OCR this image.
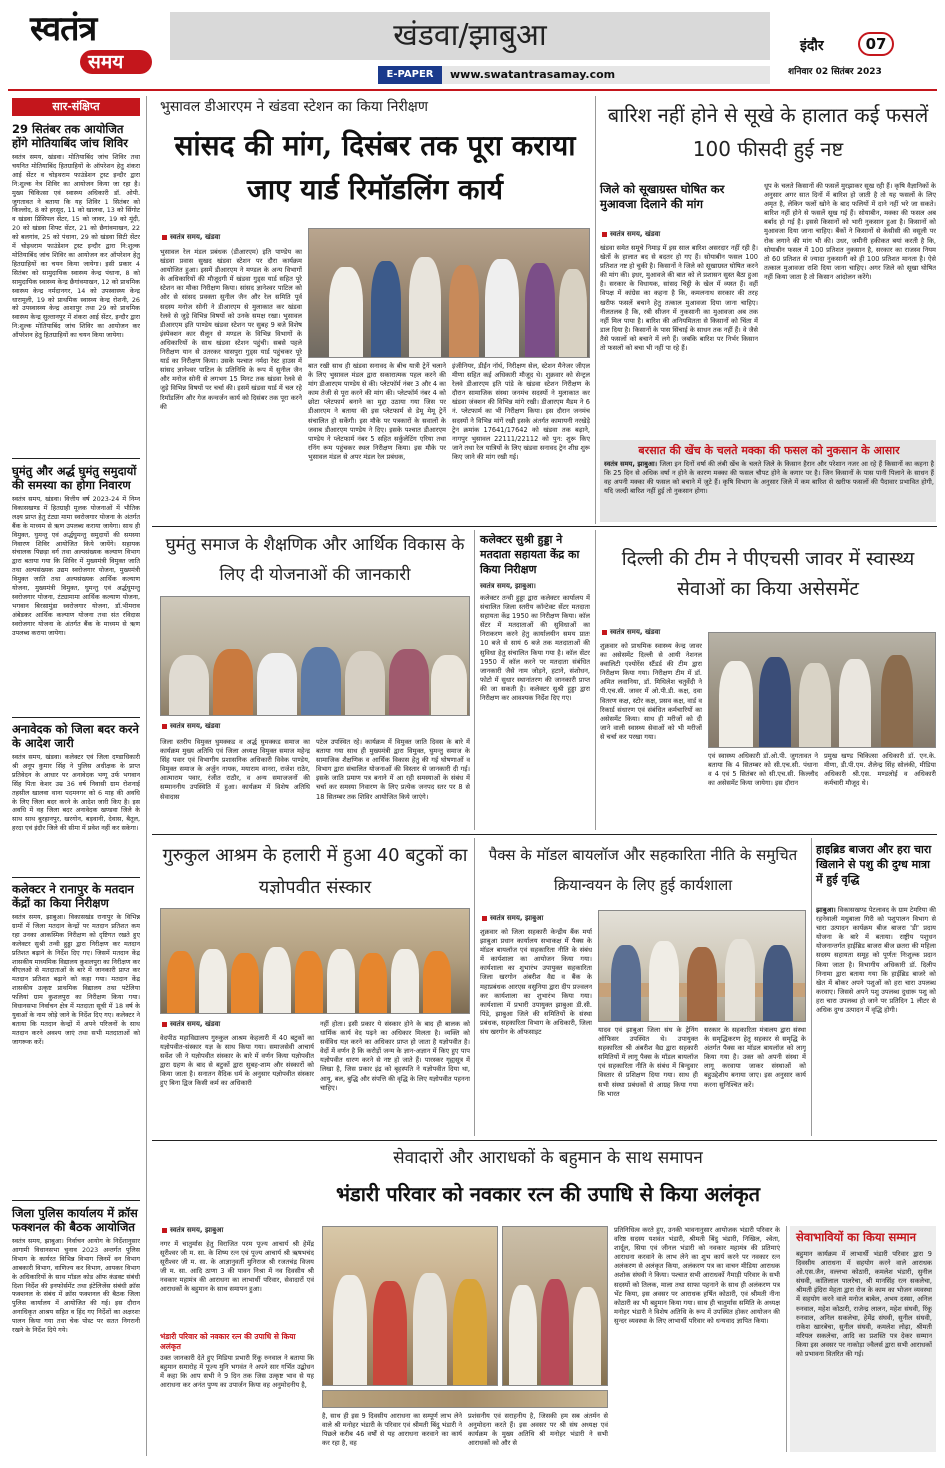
स्वतंत्र
समय
खंडवा/झाबुआ
E-PAPER	www.swatantrasamay.com
इंदौर	07
शनिवार 02 सितंबर 2023
सार-संक्षिप्त
29 सितंबर तक आयोजित होंगे मोतियाबिंद जांच शिविर
स्वतंत्र समय, खंडवा। मोतियाबिंद जांच शिविर तथा चयनित मोतियाबिंद हितग्राहियों के ऑपरेशन हेतु शंकरा आई सेंटर व चोइथराम फाउंडेशन ट्रस्ट इन्दौर द्वारा नि:शुल्क नेत्र शिविर का आयोजन किया जा रहा है। मुख्य चिकित्सा एवं स्वास्थ्य अधिकारी डॉ. ओपी. जुगतावत ने बताया कि यह शिविर 1 सितंबर को किल्लोद, 8 को हरसूद, 11 को खालवा, 13 को सिंगोट व खंडवा प्रिंसिपल सेंटर, 15 को जावर, 19 को मूंदी, 20 को खंडवा शिफ्ट सेंटर, 21 को छैगांवमाखन, 22 को बलगांव, 25 को पंधाना, 29 को खंडवा सिटी सेंटर में चोइथराम फाउंडेशन ट्रस्ट इन्दौर द्वारा नि:शुल्क मोतियाबिंद जांच शिविर का आयोजन कर ऑपरेशन हेतु हितग्राहियों का चयन किया जायेगा। इसी प्रकार 4 सितंबर को सामुदायिक स्वास्थ्य केन्द्र पंधाना, 8 को सामुदायिक स्वास्थ्य केन्द्र छैगांवमाखन, 12 को प्राथमिक स्वास्थ्य केन्द्र नर्मदानगर, 14 को उपस्वास्थ्य केन्द्र धारामूली, 19 को प्राथमिक स्वास्थ्य केन्द्र रोशनी, 26 को उपस्वास्थ्य केन्द्र आशापुर तथा 29 को प्राथमिक स्वास्थ्य केन्द्र सुल्तानपुर में शंकरा आई सेंटर, इन्दौर द्वारा नि:शुल्क मोतियाबिंद जांच शिविर का आयोजन कर ऑपरेशन हेतु हितग्राहियों का चयन किया जायेगा।
घुमंतु और अर्द्ध घुमंतु समुदायों की समस्या का होगा निवारण
स्वतंत्र समय, खंडवा। वित्तीय वर्ष 2023-24 में निम्न विकासखण्ड में हितग्राही मूलक योजनाओं में भौतिक लक्ष्य प्राप्त हेतु टंट्या मामा स्वरोजगार योजना के अंतर्गत बैंक के माध्यम से ऋण उपलब्ध कराया जायेगा। साथ ही विमुक्त, घुमन्तु एवं अर्द्धघुमन्तु समुदायों की समस्या निवारण शिविर आयोजित किये जायेंगे। सहायक संचालक पिछड़ा वर्ग तथा अल्पसंख्यक कल्याण विभाग द्वारा बताया गया कि शिविर में मुख्यमंत्री विमुक्त जाति तथा अल्पसंख्यक उद्यम स्वरोजगार योजना, मुख्यमंत्री विमुक्त जाति तथा अल्पसंख्यक आर्थिक कल्याण योजना, मुख्यमंत्री विमुक्त, घुमन्तु एवं अर्द्धघुमन्तु स्वरोजगार योजना, टंट्यामामा आर्थिक कल्याण योजना, भगवान बिरसामुंडा स्वरोजगार योजना, डॉ.भीमराव अंबेडकर आर्थिक कल्याण योजना तथा संत रविदास स्वरोजगार योजना के अंतर्गत बैंक के माध्यम से ऋण उपलब्ध कराया जायेगा।
अनावेदक को जिला बदर करने के आदेश जारी
स्वतंत्र समय, खंडवा। कलेक्टर एवं जिला दण्डाधिकारी श्री अनूप कुमार सिंह ने पुलिस अधीक्षक के प्राप्त प्रतिवेदन के आधार पर अनावेदक भग्गू उर्फ भगवान सिंह पिता केशर उम्र 36 वर्ष निवासी ग्राम रोशनाई तहसील खालवा थाना पदमनगर को 6 माह की अवधि के लिए जिला बदर करने के आदेश जारी किए है। इस अवधि में वह जिला बदर अनावेदक खण्डवा जिले के साथ साथ बुरहानपुर, खरगोन, बड़वानी, देवास, बैतूल, हरदा एवं इंदौर जिले की सीमा में प्रवेश नहीं कर सकेगा।
कलेक्टर ने रानापुर के मतदान केंद्रों का किया निरीक्षण
स्वतंत्र समय, झाबुआ। विकासखंड रानापुर के विभिन्न ग्रामों में जिला मतदान केन्द्रों पर मतदान प्रतिशत कम रहा उनका आकस्मिक निरीक्षण को दृष्टिगत रखते हुए कलेक्टर सुश्री तन्वी हुड्डा द्वारा निरीक्षण कर मतदान प्रतिशत बढ़ाने के निर्देश दिए गए। जिसमें मतदान केंद्र शासकीय माध्यमिक विद्यालय कुशलपुरा का निरीक्षण कर बीएलओ से मतदाताओं के बारे में जानकारी प्राप्त कर मतदान प्रतिशत बढ़ाने को कहा गया। मतदान केंद्र शासकीय उत्कृष्ट प्राथमिक विद्यालय तथा पटेलिया फलियां ग्राम कुशलपुरा का निरीक्षण किया गया। विधानसभा निर्वाचन क्षेत्र में मतदाता सूची में 18 वर्ष के युवाओं के नाम जोड़े जाने के निर्देश दिए गए। कलेक्टर ने बताया कि मतदान केन्द्रों में अपने परिजनों के साथ मतदान करने अवश्य जाएं तथा सभी मतदाताओं को जागरूक करें।
जिला पुलिस कार्यालय में क्रॉस फक्शनल की बैठक आयोजित
स्वतंत्र समय, झाबुआ। निर्वाचन आयोग के निर्देशानुसार आगामी विधानसभा चुनाव 2023 अन्तर्गत पुलिस विभाग के कार्यरत विभिन्न विभाग जिनमें वन विभाग आबकारी विभाग, वाणिज्य कर विभाग, आयकर विभाग के अधिकारियों के साथ मॉडल कोड ऑफ कंडक्ट संबंधी दिशा निर्देश की इनफोर्समेंट तथा इंटेलिजेंस संबंधी क्रॉस फक्शनल के संबंध में क्रॉस फक्शनल की बैठक जिला पुलिस कार्यालय में आयोजित की गई। इस दौरान अनाधिकृत आश्रय सहित व हिंद गए निर्देशों का अक्षरशः पालन किया गया तथा चेक पोस्ट पर सतत निगरानी रखने के निर्देश दिये गये।
भुसावल डीआरएम ने खंडवा स्टेशन का किया निरीक्षण
सांसद की मांग, दिसंबर तक पूरा कराया जाए यार्ड रिमॉडलिंग कार्य
स्वतंत्र समय, खंडवा
भुसावल रेल मंडल प्रबंधक (डीआरएम) इति पाण्डेय का खंडवा प्रवास सुखद खंडवा स्टेशन पर दौरा कार्यक्रम आयोजित हुआ। इसमें डीआरएम ने मण्डल के अन्य विभागों के अधिकारियों की मौजूदगी में खंडवा गुड्स यार्ड सहित पूरे स्टेशन का मौका निरीक्षण किया। सांसद ज्ञानेश्वर पाटिल को ओर से सांसद प्रवक्ता सुनील जैन और रेल समिति पूर्व सदस्य मनोज सोनी ने डीआरएम से मुलाकात कर खंडवा रेलवे से जुड़े विभिन्न विषयों को उनके समक्ष रखा। भुसावल डीआरएम इति पाण्डेय खंडवा स्टेशन पर सुबह 9 बजे विशेष इंस्पेक्शन कार सैलून से मण्डल के विभिन्न विभागों के अधिकारियों के साथ खंडवा स्टेशन पहुंची। सबसे पहले निरीक्षण यान से उतरकर घासपुरा गुड्स यार्ड पहुंचकर पूरे यार्ड का निरीक्षण किया। उसके पश्चात नर्मदा रेस्ट हाउस में सांसद ज्ञानेश्वर पाटिल के प्रतिनिधि के रूप में सुनील जैन और मनोज सोनी से लगभग 15 मिनट तक खंडवा रेलवे से जुड़े विभिन्न विषयों पर चर्चा की। इसमें खंडवा यार्ड में चल रहे रिमॉडलिंग और गेज कन्वर्जन कार्य को दिसंबर तक पूरा करने की
बात रखी साथ ही खंडवा सनावद के बीच यात्री ट्रेनें चलाने के लिए भुसावल मंडल द्वारा सकारात्मक पहल करने की मांग डीआरएम पाण्डेय से की। प्लेटफॉर्म नंबर 3 और 4 का काम तेजी से पूरा करने की मांग की। प्लेटफॉर्म नंबर 4 को छोटा प्लेटफार्म बनाने का मुद्दा उठाया गया जिस पर डीआरएम ने बताया की इस प्लेटफार्म से डेमू मेमू ट्रेनें संचालित हो सकेंगी। इस मौके पर पत्रकारों के सवालों के जवाब डीआरएम पाण्डेय ने दिए। इसके पश्चात डीआरएम पाण्डेय ने प्लेटफार्म नंबर 5 सहित सर्कुलेटिंग एरिया तथा रनिंग रूम पहुंचकर स्थल निरीक्षण किया। इस मौके पर भुसावल मंडल से अपर मंडल रेल प्रबंधक,
इंजीनियर, डीईंन नॉर्थ, निरीक्षण सेल, स्टेशन मैनेजर जीएल मीणा सहित कई अधिकारी मौजूद थे। शुक्रवार को सेन्ट्रल रेलवे डीआरएम इति पांडे के खंडवा स्टेशन निरीक्षण के दौरान सामाजिक संस्था जनमंच सदस्यों ने मुलाकात कर खंडवा जंक्शन की विभिन्न मांगे रखी। डीआरएम मैडम ने 6 नं. प्लेटफार्म का भी निरीक्षण किया। इस दौरान जनमंच सदस्यों ने विभिन्न मांगें रखी इसके अंतर्गत कामायनी नरखेड़े ट्रेन क्रमांक 17641/17642 को खंडवा तक बढ़ाने, नागपुर भुसावल 22111/22112 को पुन: शुरू किए जाने तथा रेल यात्रियों के लिए खंडवा सनावद ट्रेन शीघ्र शुरू किए जाने की मांग रखी गई।
बारिश नहीं होने से सूखे के हालात कई फसलें 100 फीसदी हुई नष्ट
जिले को सूखाग्रस्त घोषित कर मुआवजा दिलाने की मांग
स्वतंत्र समय, खंडवा
खंडवा समेत समूचे निमाड़ में इस साल बारिश असरदार नहीं रही है। खेतों के हालात बद से बदतर हो गए हैं। सोयाबीन फसल 100 प्रतिशत नष्ट हो चुकी है। किसानों ने जिले को सूखाग्रस्त घोषित करने की मांग की। इधर, मुआवजे की बात को ले प्रशासन सुस्त बैठा हुआ है। सरकार के विधायक, सांसद चिट्ठी के खेल में व्यस्त हैं। वहीं विपक्ष में कांग्रेस का कहना है कि, कमलनाथ सरकार की तरह खरीफ फसलें बचाने हेतु तत्काल मुआवजा दिया जाना चाहिए। नीलतलब है कि, रबी सीजन में नुकसानी का मुआवजा अब तक नहीं मिल पाया है। बारिश की अनियमितता से किसानों को चिंता में डाल दिया है। किसानों के पास सिंचाई के साधन तक नहीं हैं। वे जैसे तैसे फसलों को बचाने में लगे हैं। जबकि बारिश पर निर्भर किसान तो फसलों को बचा भी नहीं पा रहे हैं।
धूप के चलते किसानों की फसलें मुरझाकर सूख रही हैं। कृषि वैज्ञानिकों के अनुसार अगर सात दिनों में बारिश हो जाती है तो यह फसलों के लिए अमृत है, लेकिन फलों खोने के बाद फलियों में दाने नहीं भरे जा सकते। बारिश नहीं होने से फसलें सूख गई हैं। सोयाबीन, मक्का की फसल अब बर्बाद हो गई है। इससे किसानों को भारी नुकसान हुआ है। किसानों को मुआवजा दिया जाना चाहिए। बैंकों ने किसानों से केसीसी की वसूली पर रोक लगाने की मांग भी की। उधर, जमीनी हकीकत बयां करती है कि, सोयाबीन फसल में 100 प्रतिशत नुकसान है, सरकार का राजस्व नियम तो 60 प्रतिशत से ज्यादा नुकसानी को ही 100 प्रतिशत मानता है। ऐसे तत्काल मुआवजा राशि दिया जाना चाहिए। अगर जिले को सूखा घोषित नहीं किया जाता है तो किसान आंदोलन करेंगे।
बरसात की खेंच के चलते मक्का की फसल को नुकसान के आसार
स्वतंत्र समय, झाबुआ। जिला इन दिनों वर्षा की लंबी खेंच के चलते जिले के किसान हैरान और परेशान नजर आ रहे हैं किसानों का कहना है कि 25 दिन से अधिक वर्षा न होने के कारण मक्का की फसल चौपट होने के कगार पर है। जिन किसानों के पास पानी पिलाने के साधन हैं वह अपनी मक्का की फसल को बचाने में जुटे हैं। कृषि विभाग के अनुसार जिले में कम बारिश से खरीफ फसलों की पैदावार प्रभावित होगी, यदि जल्दी बारिश नहीं हुई तो नुकसान होगा।
घुमंतु समाज के शैक्षणिक और आर्थिक विकास के लिए दी योजनाओं की जानकारी
स्वतंत्र समय, खंडवा
जिला स्तरीय विमुक्त घुमक्कड व अर्द्ध घुमक्कड समाज का कार्यक्रम मुख्य अतिथि एवं जिला अध्यक्ष विमुक्त समाज महेन्द्र सिंह पवार एवं विभागीय प्रशासनिक अधिकारी विवेक पाण्डेय, विमुक्त समाज के अर्जुन नायक, मयाराम वानरा, राजेश राठेर, आत्माराम पवार, रंजीत राठौर, व अन्य समाजजनों की सम्माननीय उपस्थिति में हुआ। कार्यक्रम में विशेष अतिथि सेवादास
पटेल उपस्थित रहे। कार्यक्रम में विमुक्त जाति दिवस के बारे में बताया गया साथ ही मुख्यमंत्री द्वारा विमुक्त, घुमन्तु समाज के सामाजिक शैक्षणिक व आर्थिक विकास हेतु की गई घोषणाओं व विभाग द्वारा संचालित योजनाओं की विस्तार से जानकारी दी गई। इसके जाति प्रमाण पत्र बनाने में आ रही समस्याओं के संबंध में चर्चा कर समस्या निवारण के लिए प्रत्येक जनपद स्तर पर 8 से 18 सितम्बर तक शिविर आयोजित किये जाएंगे।
कलेक्टर सुश्री हुड्डा ने मतदाता सहायता केंद्र का किया निरीक्षण
स्वतंत्र समय, झाबुआ।
कलेक्टर तन्वी हुड्डा द्वारा कलेक्टर कार्यालय में संचालित जिला स्तरीय कॉन्टेक्ट सेंटर मतदाता सहायता केंद्र 1950 का निरीक्षण किया। कॉल सेंटर में मतदाताओं की सुविधाओं का निराकरण करने हेतु कार्यालयीन समय प्रातः 10 बजे से सायं 6 बजे तक मतदाताओं की सुविधा हेतु संचालित किया गया है। कॉल सेंटर 1950 में कॉल करने पर मतदाता संबंधित जानकारी जैसे नाम जोड़ने, हटाने, संशोधन, फोटो में सुधार स्थानांतरण की जानकारी प्राप्त की जा सकती है। कलेक्टर सुश्री हुड्डा द्वारा निरीक्षण कर आवश्यक निर्देश दिए गए।
दिल्ली की टीम ने पीएचसी जावर में स्वास्थ्य सेवाओं का किया असेसमेंट
स्वतंत्र समय, खंडवा
शुक्रवार को प्राथमिक स्वास्थ्य केन्द्र जावर का असेसमेंट दिल्ली से आयी नेशनल क्वालिटी एश्योरेंस स्टैंडर्ड की टीम द्वारा निरीक्षण किया गया। निरीक्षण टीम में डॉ. अमित लवानिया, डॉ. मिथिलेश चतुर्वेदी ने पी.एच.सी. जावर में ओ.पी.डी. कक्ष, दवा वितरण कक्ष, स्टोर कक्ष, प्रसव कक्ष, वार्ड व रिकार्ड संधारण एवं संबंधित कर्मचारियों का असेसमेंट किया। साथ ही मरीजों को दी जाने वाली स्वास्थ्य सेवाओं को भी मरीजों से चर्चा कर परखा गया।
एवं स्वास्थ्य अधिकारी डॉ.ओ.पी. जुगतावत ने बताया कि 4 सितम्बर को सी.एच.सी. पंधाना व 4 एवं 5 सितंबर को सी.एच.सी. किल्लौद का असेसमेंट किया जायेगा। इस दौरान
प्रमुख खण्ड चिकित्सा अधिकारी डॉ. एन.के. मीणा, डी.पी.एम. शैलेन्द्र सिंह सोलंकी, मीडिया अधिकारी श्री.एस. मण्डलोई व अधिकारी कर्मचारी मौजूद थे।
गुरुकुल आश्रम के हलारी में हुआ 40 बटुकों का यज्ञोपवीत संस्कार
स्वतंत्र समय, खंडवा
वेदपीठ महाविद्यालय गुरुकुल आश्रम केहलारी में 40 बटुकों का यज्ञोपवीत-संस्कार यज्ञ के साथ किया गया। समाजसेवी आचार्य सर्वेश जी ने यज्ञोपवीत संस्कार के बारे में वर्णन किया यज्ञोपवीत द्वारा ग्रहण के बाद से बटुकों द्वारा सुबह-शाम और संस्कारों को किया जाता है। सनातन वैदिक धर्म के अनुसार यज्ञोपवीत संस्कार हुए बिना द्विज किसी कर्म का अधिकारी
नहीं होता। इसी प्रकार ये संस्कार होने के बाद ही बालक को धार्मिक कार्य वेद पढ़ने का अधिकार मिलता है। व्यक्ति को सर्वविध यज्ञ करने का अधिकार प्राप्त हो जाता है यज्ञोपवीत है। वेदों में वर्णन है कि करोड़ों जन्म के ज्ञान-अज्ञान में किए हुए पाप यज्ञोपवीत धारण करने से नष्ट हो जाते हैं। पारस्कर गृह्यसूत्र में लिखा है, जिस प्रकार इंद्र को बृहस्पति ने यज्ञोपवीत दिया था, आयु, बल, बुद्धि और संपत्ति की वृद्धि के लिए यज्ञोपवीत पहनना चाहिए।
पैक्स के मॉडल बायलॉज और सहकारिता नीति के समुचित क्रियान्वयन के लिए हुई कार्यशाला
स्वतंत्र समय, झाबुआ
शुक्रवार को जिला सहकारी केन्द्रीय बैंक मर्या झाबुआ प्रधान कार्यालय सभाकक्ष में पैक्स के मॉडल बायलॉज एवं सहकारिता नीति के संबंध में कार्यशाला का आयोजन किया गया। कार्यशाला का शुभारंभ उपायुक्त सहकारिता जिला खरगोन अंबरीश वैद्य व बैंक के महाप्रबंधक आरएस वसुनिया द्वारा दीप प्रज्वलन कर कार्यशाला का शुभारंभ किया गया। कार्यशाला में प्रभारी उपायुक्त झाबुआ डी.सी. पिंडे, झाबुआ जिले की समितियों के संस्था प्रबंधक, सहकारिता विभाग के अधिकारी, जिला संघ खरगोन के ऑफसाइट	यादव एवं झाबुआ जिला संघ के ट्रेनिंग ऑफिसर उपस्थित थे। उपायुक्त सहकारिता श्री अंबरीश वैद्य द्वारा सहकारी समितियों में लागू पैक्स के मॉडल बायलॉज एवं सहकारिता नीति के संबंध में बिन्दुवार विस्तार से प्रशिक्षण दिया गया। साथ ही सभी संस्था प्रबंधकों से आग्रह किया गया कि भारत
सरकार के सहकारिता मंत्रालय द्वारा संस्था के समृद्धिकरण हेतु सहकार से समृद्धि के अंतर्गत पैक्स का मॉडल बायलॉज को लागू किया गया है। उक्त को अपनी संस्था में लागू करवाया जाकर संस्थाओं को बहुउद्देशीय बनाया जाए। इस अनुसार कार्य करना सुनिश्चित करें।
हाइब्रिड बाजरा और हरा चारा खिलाने से पशु की दुग्ध मात्रा में हुई वृद्धि
झाबुआ। विकासखण्ड पेटलावद के ग्राम टेमरिया की रहनेवाली मधुबाला गिरी को पशुपालन विभाग से चारा उत्पादन कार्यक्रम बीज बाजरा 'डी' प्रदाय योजना के बारे में बताया। राष्ट्रीय पशुधन योजनान्तर्गत हाईब्रिड बाजरा बीज छतरा की महिला सदस्य सहायता समूह को पूर्णतः निःशुल्क प्रदान किया जाता है। विभागीय अधिकारी डॉ. दिलीप निनामा द्वारा बताया गया कि हाईब्रिड बाजरे को खेत में बोकर अपने पशुओं को हरा चारा उपलब्ध करवाए। जिससे अपने पशु उपलब्ध दुधारू पशु को हरा चारा उपलब्ध हो जाने पर प्रतिदिन 1 लीटर से अधिक दुग्ध उत्पादन में वृद्धि होगी।
सेवादारों और आराधकों के बहुमान के साथ समापन
भंडारी परिवार को नवकार रत्न की उपाधि से किया अलंकृत
स्वतंत्र समय, झाबुआ
नगर में चातुर्मास हेतु विराजित परम पूज्य आचार्य श्री हेमेंद्र सूरीश्वर जी म. सा. के शिष्य रत्न एवं पूज्य आचार्य श्री ऋषभचंद सूरीश्वर जी म. सा. के आज्ञानुवर्ती मुनिराज श्री रजतचंद्र विजय जी म. सा. आदि ठाणा 3 की पावन निश्रा में नव दिवसीय श्री नवकार महामंत्र की आराधना का लाभार्थी परिवार, सेवादारों एवं आराधकों के बहुमान के साथ समापन हुआ।
भंडारी परिवार को नवकार रत्न की उपाधि से किया अलंकृत
उक्त जानकारी देते हुए मिडिया प्रभारी रिंकू रुनवाल ने बताया कि बहुमान समारोह में पूज्य मुनि भगवंत ने अपने सार गर्भित उद्बोधन में कहा कि आप सभी ने 9 दिन तक जिस उत्कृष्ट भाव से यह आराधना कर अनंत पुण्य का उपार्जन किया वह अनुमोदनीय है,
है, साथ ही इस 9 दिवसीय आराधना का सम्पूर्ण लाभ लेने वाले श्री मनोहर भंडारी के परिवार एवं श्रीमती बिंदु भंडारी ने पिछले करीब 46 वर्षों से यह आराधना करवाने का कार्य कर रहा है, वह
प्रशंसनीय एवं सराहनीय है, जिसकी हम सब अंतर्मन से अनुमोदना करते हैं। इस अवसर पर श्री संघ अध्यक्ष एवं कार्यक्रम के मुख्य अतिथि श्री मनोहर भंडारी ने सभी आराधकों को और से
प्रतिनिधित्व करते हुए, उनकी भावनानुसार आयोजक भंडारी परिवार के वरिष्ठ सदस्य यशवंत भंडारी, श्रीमती बिंदु भंडारी, निखिल, श्वेता, शार्दूल, सिया एवं जीनल भंडारी को नवकार महामंत्र की प्रतिमाएं आराधना करवाने के लाभ लेने का शुभ कार्य करने पर नवकार रत्न अलंकरण से अलंकृत किया, अलंकरण पत्र का वाचन मीडिया आराधक अशोक संघवी ने किया। पश्चात सभी आराधकों नैमाड़ी परिवार के सभी सदस्यों को तिलक, माला तथा साफा पहनाने के साथ ही अलंकरण पत्र भेंट किया, इस अवसर पर आराधक हर्षित कोठारी, एवं श्रीमती नीना कोठारी का भी बहुमान किया गया। साथ ही चातुर्मास समिति के अध्यक्ष मनोहर भंडारी ने विशेष अतिथि के रूप में उपस्थित होकर आयोजन की सुन्दर व्यवस्था के लिए लाभार्थी परिवार को धन्यवाद ज्ञापित किया।
सेवाभावियों का किया सम्मान
बहुमान कार्यक्रम में लाभार्थी भंडारी परिवार द्वारा 9 दिवसीय आराधना में सहयोग करने वाले आराधक ओ.एस.जैन, वल्लभा कोठारी, कमलेश भंडारी, सुनील संघवी, कांतिलाल पालरेचा, श्री मानसिंह रत्न सकलेचा, श्रीमती इंदिरा मेहता द्वारा रोज के काम का भोजन व्यवस्था में सहयोग करने वाले मनोज बाबेल, अभय दस्सा, अनिल रुनवाल, महेश कोठारी, राजेन्द्र लालन, महेश संघवी, रिंकू रुनवाल, अनिल सकलेचा, हेमेंद्र संघवी, सुनील संघवी, राकेश खारबेचा, सुनील संघवी, कमलेश लोढ़ा, श्रीमती मरियल सकलेचा, आदि का प्रशस्ति पत्र देकर सम्मान किया इस अवसर पर नाकोड़ा ज्वैलर्स द्वारा सभी आराधकों को प्रभावना वितरित की गई।
